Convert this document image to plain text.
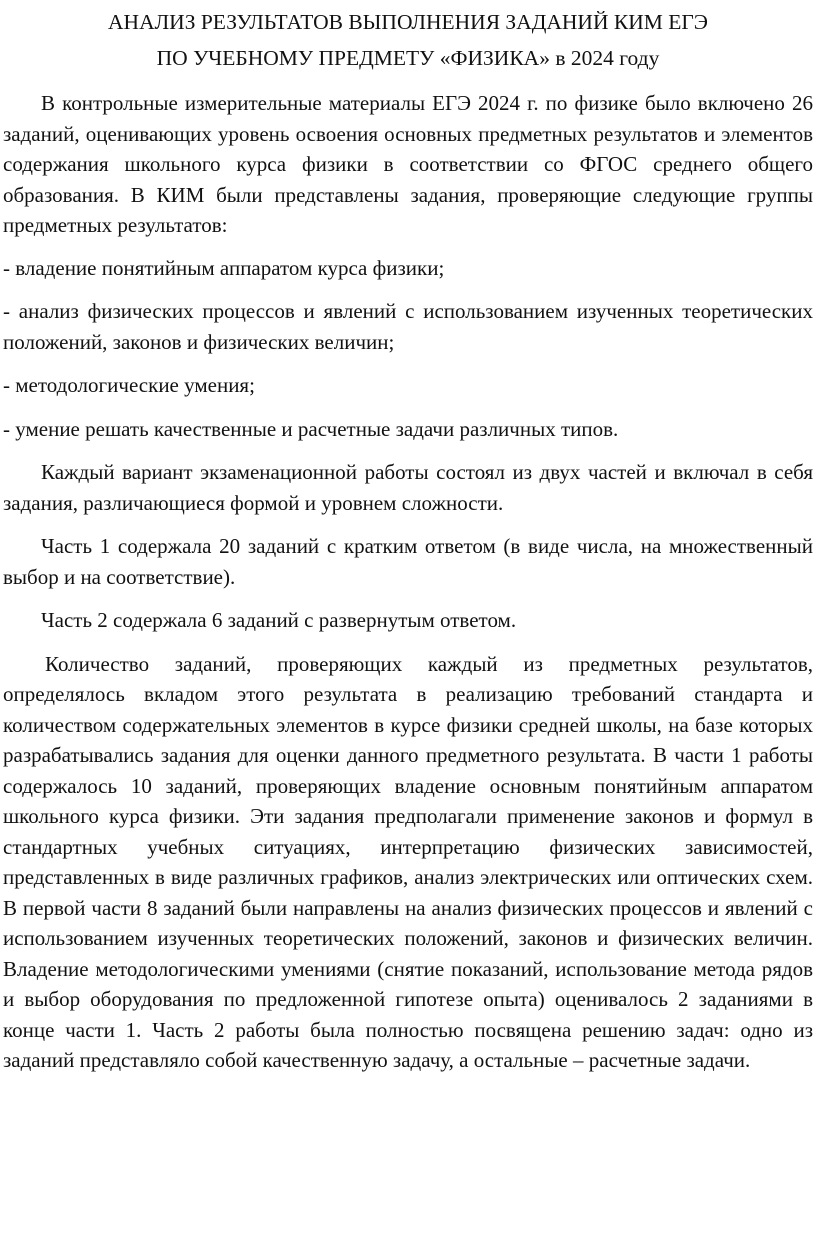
АНАЛИЗ РЕЗУЛЬТАТОВ ВЫПОЛНЕНИЯ ЗАДАНИЙ КИМ ЕГЭ
ПО УЧЕБНОМУ ПРЕДМЕТУ «ФИЗИКА» в 2024 году

В контрольные измерительные материалы ЕГЭ 2024 г. по физике было включено 26 заданий, оценивающих уровень освоения основных предметных результатов и элементов содержания школьного курса физики в соответствии со ФГОС среднего общего образования. В КИМ были представлены задания, проверяющие следующие группы предметных результатов:

- владение понятийным аппаратом курса физики;

- анализ физических процессов и явлений с использованием изученных теоретических положений, законов и физических величин;

- методологические умения;

- умение решать качественные и расчетные задачи различных типов.

Каждый вариант экзаменационной работы состоял из двух частей и включал в себя задания, различающиеся формой и уровнем сложности.

Часть 1 содержала 20 заданий с кратким ответом (в виде числа, на множественный выбор и на соответствие).

Часть 2 содержала 6 заданий с развернутым ответом.

Количество заданий, проверяющих каждый из предметных результатов, определялось вкладом этого результата в реализацию требований стандарта и количеством содержательных элементов в курсе физики средней школы, на базе которых разрабатывались задания для оценки данного предметного результата. В части 1 работы содержалось 10 заданий, проверяющих владение основным понятийным аппаратом школьного курса физики. Эти задания предполагали применение законов и формул в стандартных учебных ситуациях, интерпретацию физических зависимостей, представленных в виде различных графиков, анализ электрических или оптических схем. В первой части 8 заданий были направлены на анализ физических процессов и явлений с использованием изученных теоретических положений, законов и физических величин. Владение методологическими умениями (снятие показаний, использование метода рядов и выбор оборудования по предложенной гипотезе опыта) оценивалось 2 заданиями в конце части 1. Часть 2 работы была полностью посвящена решению задач: одно из заданий представляло собой качественную задачу, а остальные – расчетные задачи.
